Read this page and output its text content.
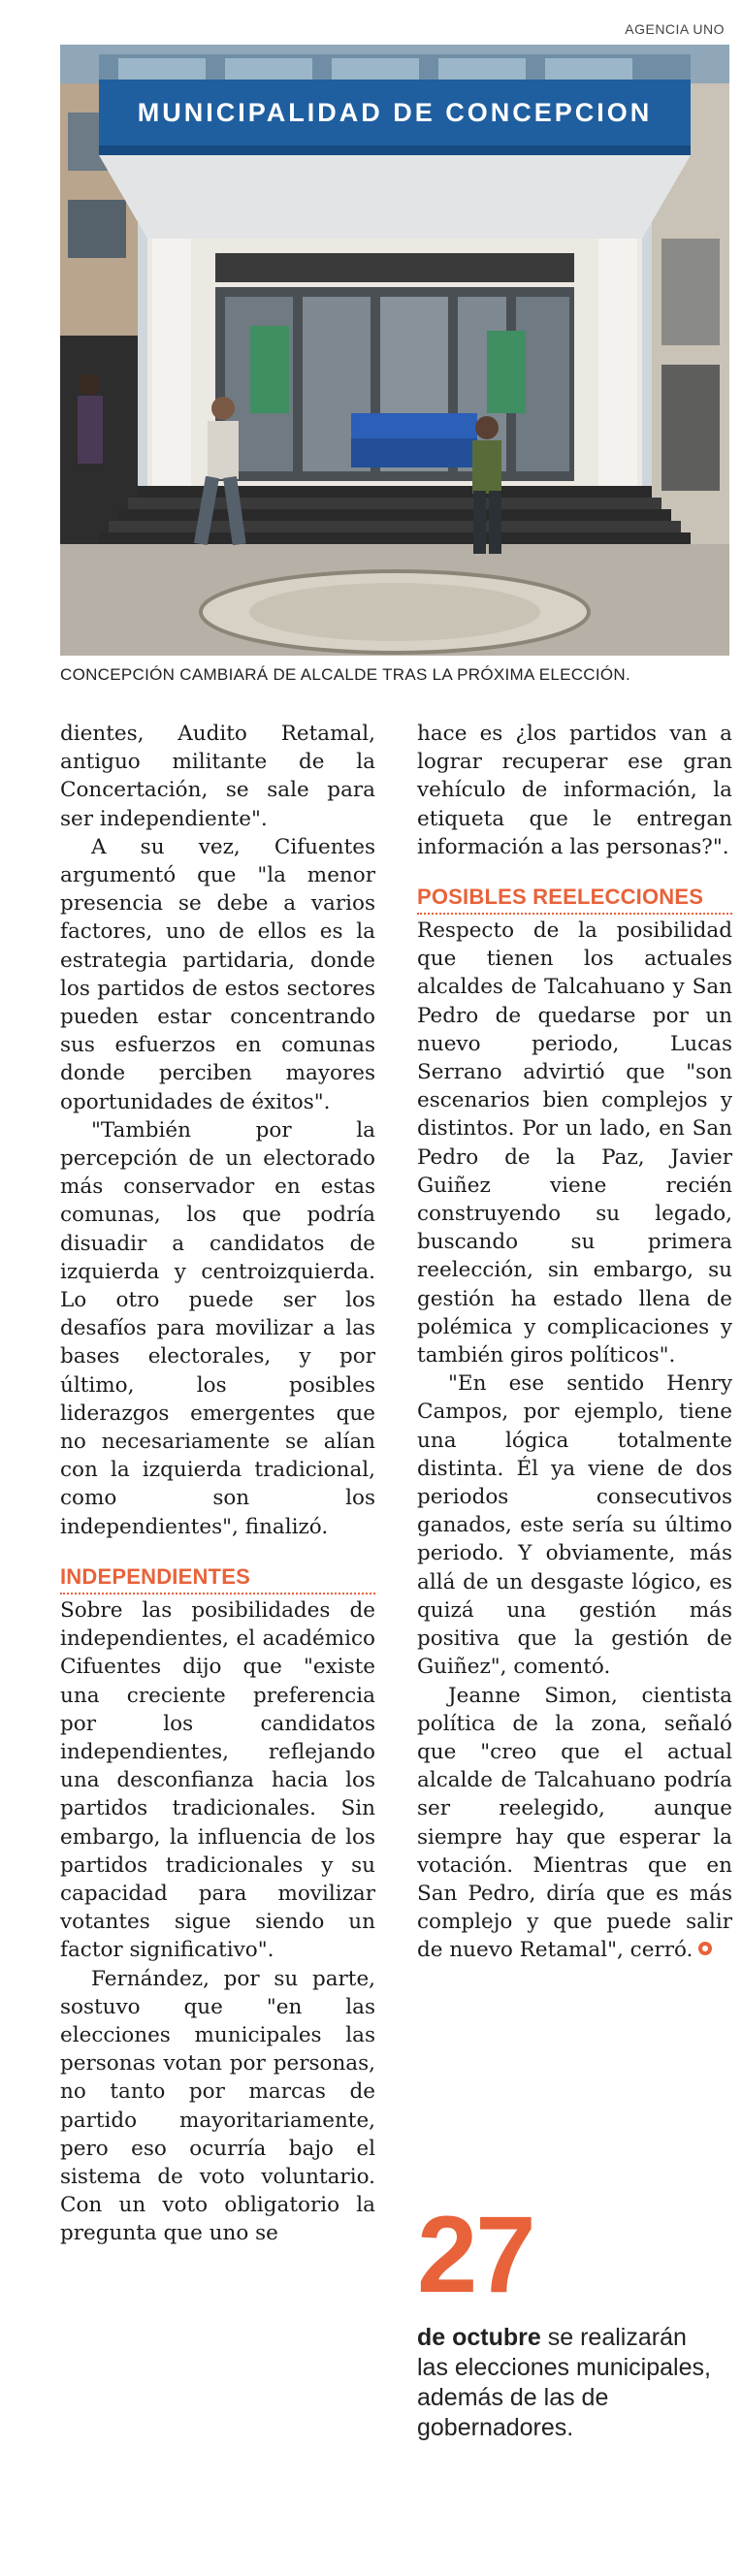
AGENCIA UNO
MUNICIPALIDAD DE CONCEPCION
CONCEPCIÓN CAMBIARÁ DE ALCALDE TRAS LA PRÓXIMA ELECCIÓN.

dientes, Audito Retamal, antiguo militante de la Concertación, se sale para ser independiente".

A su vez, Cifuentes argumentó que "la menor presencia se debe a varios factores, uno de ellos es la estrategia partidaria, donde los partidos de estos sectores pueden estar concentrando sus esfuerzos en comunas donde perciben mayores oportunidades de éxitos".

"También por la percepción de un electorado más conservador en estas comunas, los que podría disuadir a candidatos de izquierda y centroizquierda. Lo otro puede ser los desafíos para movilizar a las bases electorales, y por último, los posibles liderazgos emergentes que no necesariamente se alían con la izquierda tradicional, como son los independientes", finalizó.

INDEPENDIENTES

Sobre las posibilidades de independientes, el académico Cifuentes dijo que "existe una creciente preferencia por los candidatos independientes, reflejando una desconfianza hacia los partidos tradicionales. Sin embargo, la influencia de los partidos tradicionales y su capacidad para movilizar votantes sigue siendo un factor significativo".

Fernández, por su parte, sostuvo que "en las elecciones municipales las personas votan por personas, no tanto por marcas de partido mayoritariamente, pero eso ocurría bajo el sistema de voto voluntario. Con un voto obligatorio la pregunta que uno se

hace es ¿los partidos van a lograr recuperar ese gran vehículo de información, la etiqueta que le entregan información a las personas?".

POSIBLES REELECCIONES

Respecto de la posibilidad que tienen los actuales alcaldes de Talcahuano y San Pedro de quedarse por un nuevo periodo, Lucas Serrano advirtió que "son escenarios bien complejos y distintos. Por un lado, en San Pedro de la Paz, Javier Guiñez viene recién construyendo su legado, buscando su primera reelección, sin embargo, su gestión ha estado llena de polémica y complicaciones y también giros políticos".

"En ese sentido Henry Campos, por ejemplo, tiene una lógica totalmente distinta. Él ya viene de dos periodos consecutivos ganados, este sería su último periodo. Y obviamente, más allá de un desgaste lógico, es quizá una gestión más positiva que la gestión de Guiñez", comentó.

Jeanne Simon, cientista política de la zona, señaló que "creo que el actual alcalde de Talcahuano podría ser reelegido, aunque siempre hay que esperar la votación. Mientras que en San Pedro, diría que es más complejo y que puede salir de nuevo Retamal", cerró.

27
de octubre se realizarán las elecciones municipales, además de las de gobernadores.
